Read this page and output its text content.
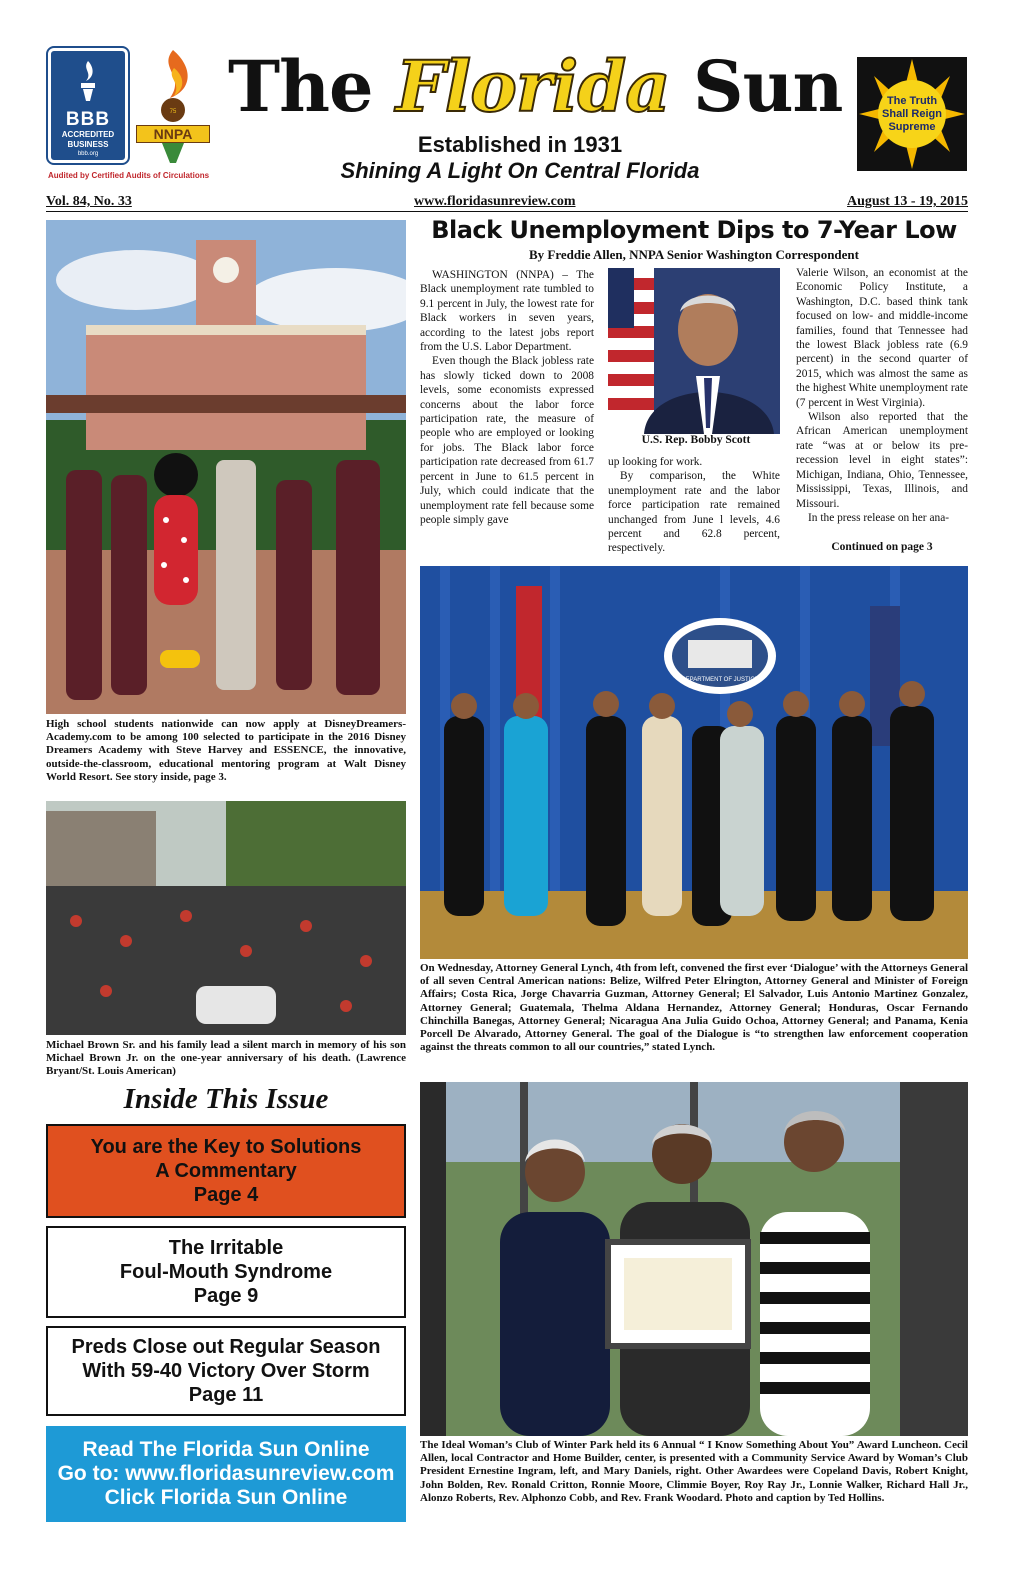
BBB
ACCREDITED
BUSINESS
bbb.org
75
NNPA
Audited by Certified Audits of Circulations
The Florida Sun
Established in 1931
Shining A Light On Central Florida
The Truth Shall Reign Supreme
Vol. 84, No. 33	www.floridasunreview.com	August 13 - 19, 2015
High school students nationwide can now apply at DisneyDreamersAcademy.com to be among 100 selected to participate in the 2016 Disney Dreamers Academy with Steve Harvey and ESSENCE, the innovative, outside-the-classroom, educational mentoring program at Walt Disney World Resort. See story inside, page 3.
Michael Brown Sr. and his family lead a silent march in memory of his son Michael Brown Jr. on the one-year anniversary of his death. (Lawrence Bryant/St. Louis American)
Inside This Issue
You are the Key to Solutions
A Commentary
Page 4
The Irritable
Foul-Mouth Syndrome
Page 9
Preds Close out Regular Season
With 59-40 Victory Over Storm
Page 11
Read The Florida Sun Online
Go to: www.floridasunreview.com
Click Florida Sun Online
Black Unemployment Dips to 7-Year Low
By Freddie Allen, NNPA Senior Washington Correspondent

WASHINGTON (NNPA) – The Black unemployment rate tumbled to 9.1 percent in July, the lowest rate for Black workers in seven years, according to the latest jobs report from the U.S. Labor Department.

Even though the Black jobless rate has slowly ticked down to 2008 levels, some economists expressed concerns about the labor force participation rate, the measure of people who are employed or looking for jobs. The Black labor force participation rate decreased from 61.7 percent in June to 61.5 percent in July, which could indicate that the unemployment rate fell because some people simply gave

U.S. Rep. Bobby Scott

up looking for work.

By comparison, the White unemployment rate and the labor force participation rate remained unchanged from June l levels, 4.6 percent and 62.8 percent, respectively.

Valerie Wilson, an economist at the Economic Policy Institute, a Washington, D.C. based think tank focused on low- and middle-income families, found that Tennessee had the lowest Black jobless rate (6.9 percent) in the second quarter of 2015, which was almost the same as the highest White unemployment rate (7 percent in West Virginia).

Wilson also reported that the African American unemployment rate “was at or below its pre-recession level in eight states”: Michigan, Indiana, Ohio, Tennessee, Mississippi, Texas, Illinois, and Missouri.

In the press release on her ana-

Continued on page 3
DEPARTMENT OF JUSTICE
On Wednesday, Attorney General Lynch, 4th from left, convened the first ever ‘Dialogue’ with the Attorneys General of all seven Central American nations: Belize, Wilfred Peter Elrington, Attorney General and Minister of Foreign Affairs; Costa Rica, Jorge Chavarria Guzman, Attorney General; El Salvador, Luis Antonio Martinez Gonzalez, Attorney General; Guatemala, Thelma Aldana Hernandez, Attorney General; Honduras, Oscar Fernando Chinchilla Banegas, Attorney General; Nicaragua Ana Julia Guido Ochoa, Attorney General; and Panama, Kenia Porcell De Alvarado, Attorney General. The goal of the Dialogue is “to strengthen law enforcement cooperation against the threats common to all our countries,” stated Lynch.
The Ideal Woman’s Club of Winter Park held its 6 Annual “ I Know Something About You” Award Luncheon. Cecil Allen, local Contractor and Home Builder, center, is presented with a Community Service Award by Woman’s Club President Ernestine Ingram, left, and Mary Daniels, right. Other Awardees were Copeland Davis, Robert Knight, John Bolden, Rev. Ronald Critton, Ronnie Moore, Climmie Boyer, Roy Ray Jr., Lonnie Walker, Richard Hall Jr., Alonzo Roberts, Rev. Alphonzo Cobb, and Rev. Frank Woodard. Photo and caption by Ted Hollins.
